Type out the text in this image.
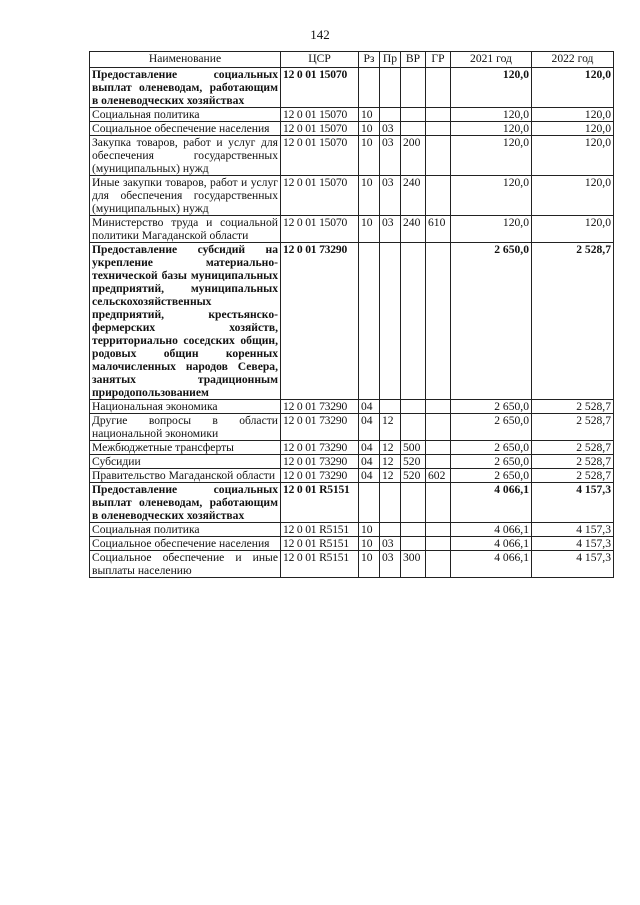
142
Наименование	ЦСР	Рз	Пр	ВР	ГР	2021 год	2022 год
Предоставление социальных выплат оленеводам, работающим в оленеводческих хозяйствах	12 0 01 15070					120,0	120,0
Социальная политика	12 0 01 15070	10				120,0	120,0
Социальное обеспечение населения	12 0 01 15070	10	03			120,0	120,0
Закупка товаров, работ и услуг для обеспечения государственных (муниципальных) нужд	12 0 01 15070	10	03	200		120,0	120,0
Иные закупки товаров, работ и услуг для обеспечения государственных (муниципальных) нужд	12 0 01 15070	10	03	240		120,0	120,0
Министерство труда и социальной политики Магаданской области	12 0 01 15070	10	03	240	610	120,0	120,0
Предоставление субсидий на укрепление материально-технической базы муниципальных предприятий, муниципальных сельскохозяйственных предприятий, крестьянско-фермерских хозяйств, территориально соседских общин, родовых общин коренных малочисленных народов Севера, занятых традиционным природопользованием	12 0 01 73290					2 650,0	2 528,7
Национальная экономика	12 0 01 73290	04				2 650,0	2 528,7
Другие вопросы в области национальной экономики	12 0 01 73290	04	12			2 650,0	2 528,7
Межбюджетные трансферты	12 0 01 73290	04	12	500		2 650,0	2 528,7
Субсидии	12 0 01 73290	04	12	520		2 650,0	2 528,7
Правительство Магаданской области	12 0 01 73290	04	12	520	602	2 650,0	2 528,7
Предоставление социальных выплат оленеводам, работающим в оленеводческих хозяйствах	12 0 01 R5151					4 066,1	4 157,3
Социальная политика	12 0 01 R5151	10				4 066,1	4 157,3
Социальное обеспечение населения	12 0 01 R5151	10	03			4 066,1	4 157,3
Социальное обеспечение и иные выплаты населению	12 0 01 R5151	10	03	300		4 066,1	4 157,3
